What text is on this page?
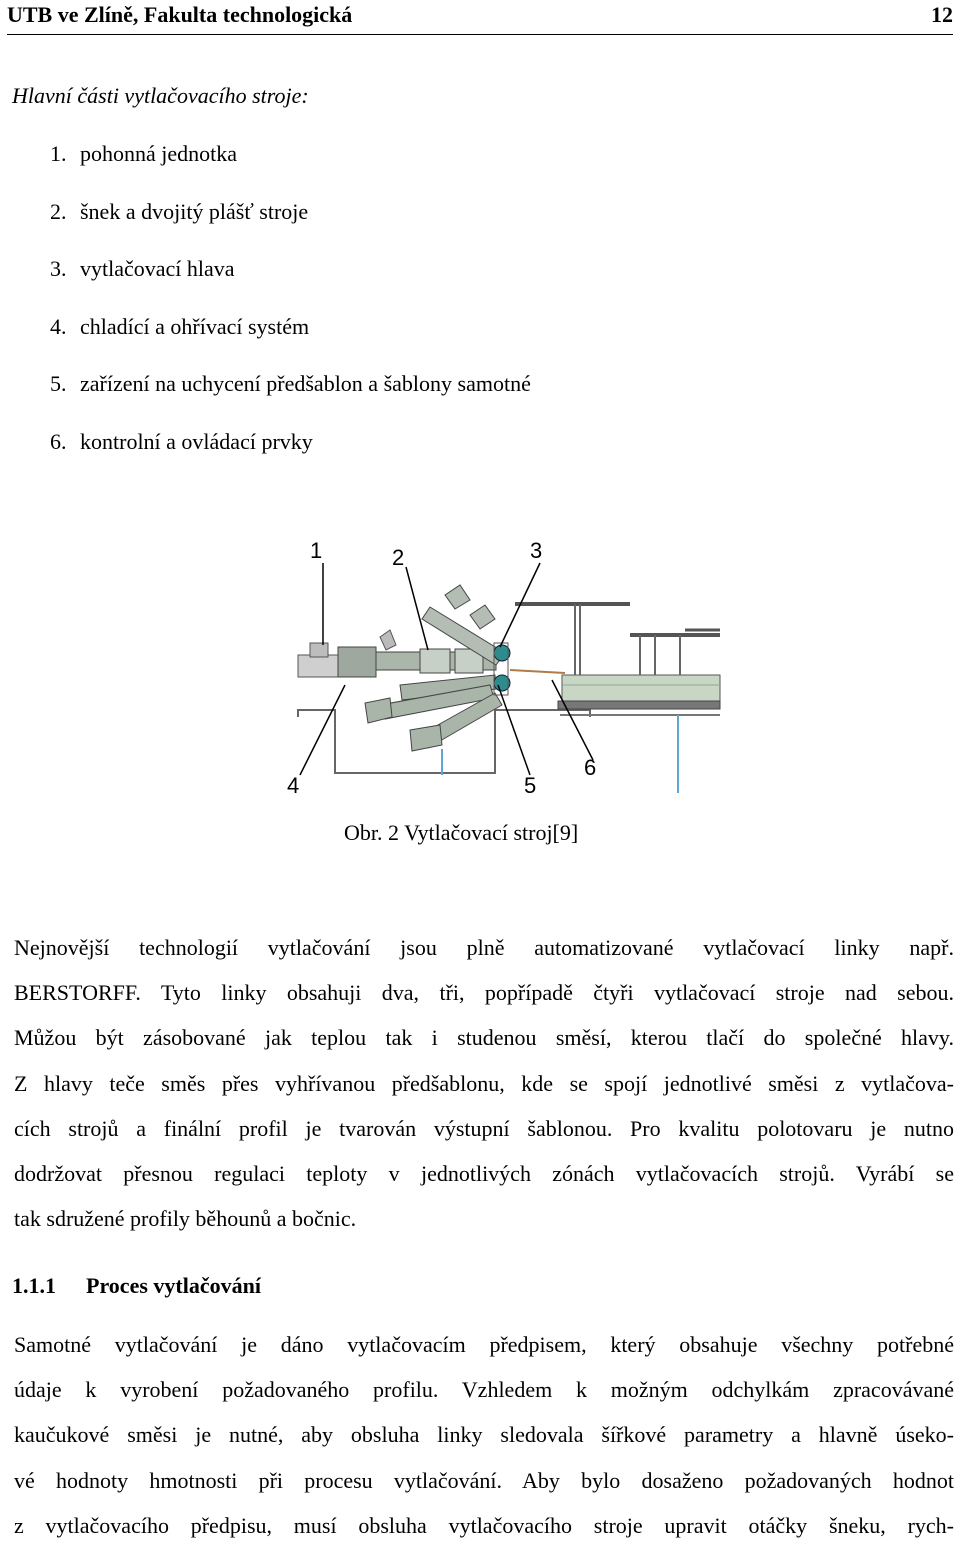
UTB ve Zlíně, Fakulta technologická	12
Hlavní části vytlačovacího stroje:
1. pohonná jednotka
2. šnek a dvojitý plášť stroje
3. vytlačovací hlava
4. chladící a ohřívací systém
5. zařízení na uchycení předšablon a šablony samotné
6. kontrolní a ovládací prvky
1	2	3
4	5
6
Obr. 2 Vytlačovací stroj[9]

Nejnovější technologií vytlačování jsou plně automatizované vytlačovací linky např.
BERSTORFF. Tyto linky obsahuji dva, tři, popřípadě čtyři vytlačovací stroje nad sebou.
Můžou být zásobované jak teplou tak i studenou směsí, kterou tlačí do společné hlavy.
Z hlavy teče směs přes vyhřívanou předšablonu, kde se spojí jednotlivé směsi z vytlačova-
cích strojů a finální profil je tvarován výstupní šablonou. Pro kvalitu polotovaru je nutno
dodržovat přesnou regulaci teploty v jednotlivých zónách vytlačovacích strojů. Vyrábí se
tak sdružené profily běhounů a bočnic.

1.1.1 Proces vytlačování

Samotné vytlačování je dáno vytlačovacím předpisem, který obsahuje všechny potřebné
údaje k vyrobení požadovaného profilu. Vzhledem k možným odchylkám zpracovávané
kaučukové směsi je nutné, aby obsluha linky sledovala šířkové parametry a hlavně úseko-
vé hodnoty hmotnosti při procesu vytlačování. Aby bylo dosaženo požadovaných hodnot
z vytlačovacího předpisu, musí obsluha vytlačovacího stroje upravit otáčky šneku, rych-
